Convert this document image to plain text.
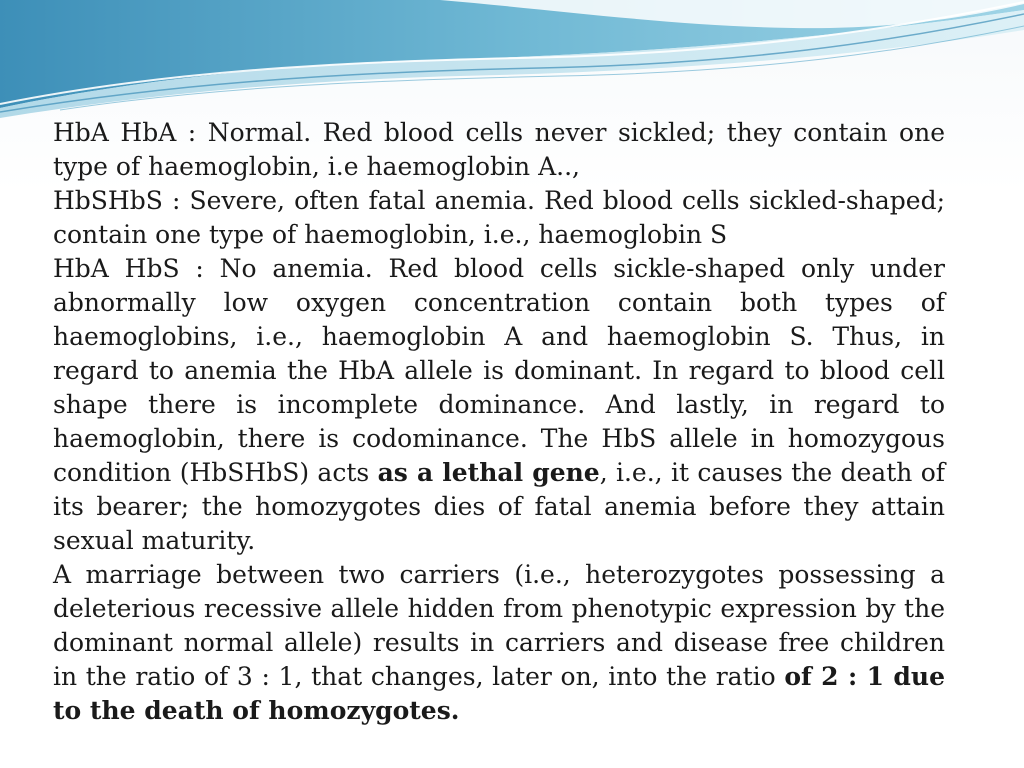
HbA HbA : Normal. Red blood cells never sickled; they contain one type of haemoglobin, i.e haemoglobin A..,

HbSHbS : Severe, often fatal anemia. Red blood cells sickled-shaped; contain one type of haemoglobin, i.e., haemoglobin S

HbA HbS : No anemia. Red blood cells sickle-shaped only under abnormally low oxygen concentration contain both types of haemoglobins, i.e., haemoglobin A and haemoglobin S. Thus, in regard to anemia the HbA allele is dominant. In regard to blood cell shape there is incomplete dominance. And lastly, in regard to haemoglobin, there is codominance. The HbS allele in homozygous condition (HbSHbS) acts as a lethal gene, i.e., it causes the death of its bearer; the homozygotes dies of fatal anemia before they attain sexual maturity.

A marriage between two carriers (i.e., heterozygotes possessing a deleterious recessive allele hidden from phenotypic expression by the dominant normal allele) results in carriers and disease free children in the ratio of 3 : 1, that changes, later on, into the ratio of 2 : 1 due to the death of homozygotes.
